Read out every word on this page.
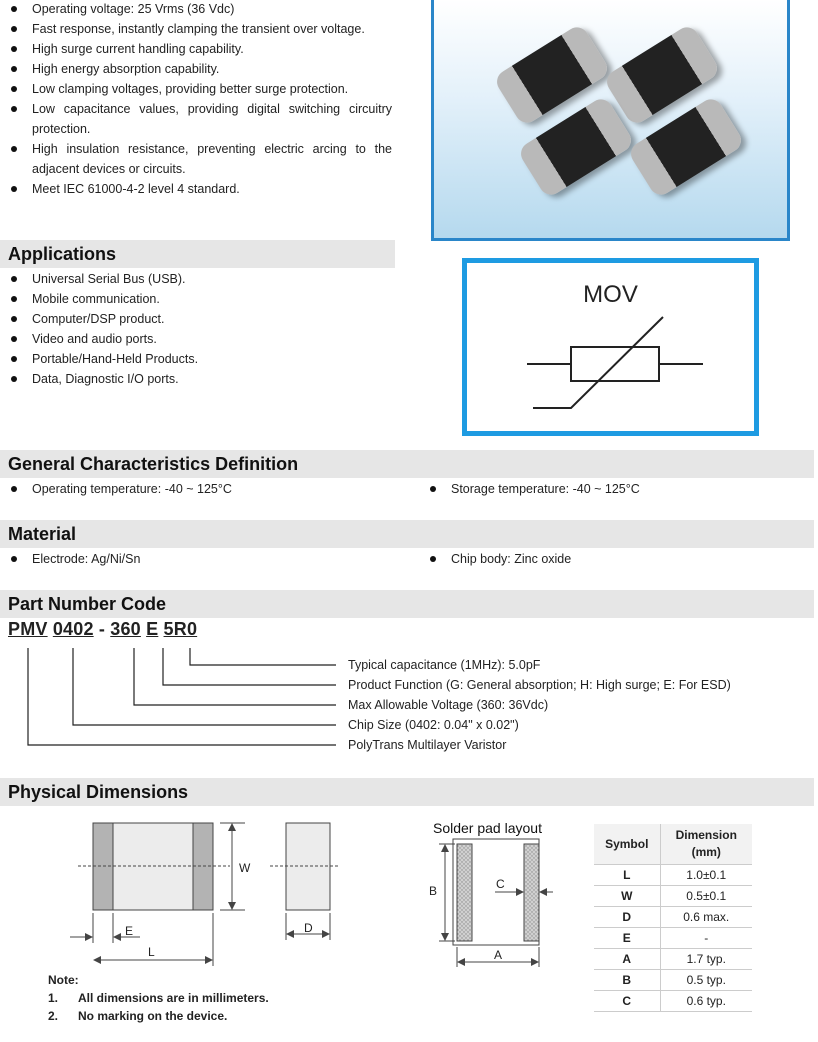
Operating voltage: 25 Vrms (36 Vdc)
Fast response, instantly clamping the transient over voltage.
High surge current handling capability.
High energy absorption capability.
Low clamping voltages, providing better surge protection.
Low capacitance values, providing digital switching circuitry protection.
High insulation resistance, preventing electric arcing to the adjacent devices or circuits.
Meet IEC 61000-4-2 level 4 standard.
Applications
Universal Serial Bus (USB).
Mobile communication.
Computer/DSP product.
Video and audio ports.
Portable/Hand-Held Products.
Data, Diagnostic I/O ports.
MOV
General Characteristics Definition
Operating temperature: -40 ~ 125°C	Storage temperature: -40 ~ 125°C
Material
Electrode: Ag/Ni/Sn	Chip body: Zinc oxide
Part Number Code
PMV 0402 - 360 E 5R0
Typical capacitance (1MHz): 5.0pF
Product Function (G: General absorption; H: High surge; E: For ESD)
Max Allowable Voltage (360: 36Vdc)
Chip Size (0402: 0.04" x 0.02")
PolyTrans Multilayer Varistor
Physical Dimensions
W
E
L
D
Solder pad layout
B	C
A
Symbol	Dimension
(mm)

L	1.0±0.1
W	0.5±0.1
D	0.6 max.
E	-
A	1.7 typ.
B	0.5 typ.
C	0.6 typ.
Note:
1. All dimensions are in millimeters.
2. No marking on the device.
